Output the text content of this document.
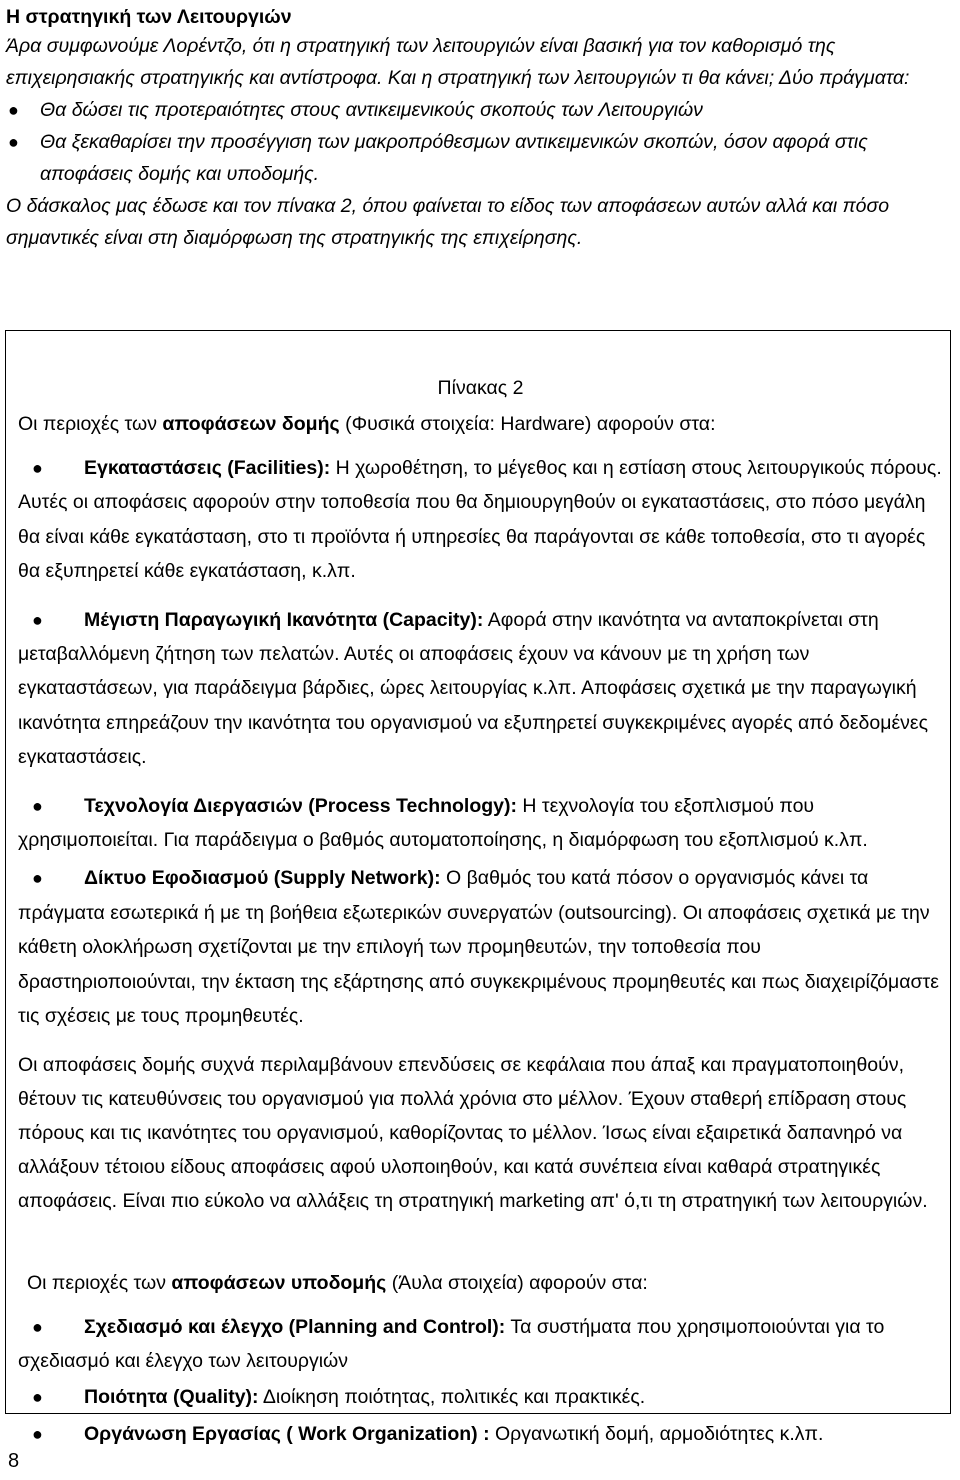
Η στρατηγική των Λειτουργιών

Άρα συμφωνούμε Λορέντζο, ότι η στρατηγική των λειτουργιών είναι βασική για τον καθορισμό της επιχειρησιακής στρατηγικής και αντίστροφα. Και η στρατηγική των λειτουργιών τι θα κάνει; Δύο πράγματα:

● Θα δώσει τις προτεραιότητες στους αντικειμενικούς σκοπούς των Λειτουργιών
● Θα ξεκαθαρίσει την προσέγγιση των μακροπρόθεσμων αντικειμενικών σκοπών, όσον αφορά στις αποφάσεις δομής και υποδομής.

Ο δάσκαλος μας έδωσε και τον πίνακα 2, όπου φαίνεται το είδος των αποφάσεων αυτών αλλά και πόσο σημαντικές είναι στη διαμόρφωση της στρατηγικής της επιχείρησης.

Πίνακας 2

Οι περιοχές των αποφάσεων δομής (Φυσικά στοιχεία: Hardware) αφορούν στα:

● Εγκαταστάσεις (Facilities): Η χωροθέτηση, το μέγεθος και η εστίαση στους λειτουργικούς πόρους. Αυτές οι αποφάσεις αφορούν στην τοποθεσία που θα δημιουργηθούν οι εγκαταστάσεις, στο πόσο μεγάλη θα είναι κάθε εγκατάσταση, στο τι προϊόντα ή υπηρεσίες θα παράγονται σε κάθε τοποθεσία, στο τι αγορές θα εξυπηρετεί κάθε εγκατάσταση, κ.λπ.
● Μέγιστη Παραγωγική Ικανότητα (Capacity): Αφορά στην ικανότητα να ανταποκρίνεται στη μεταβαλλόμενη ζήτηση των πελατών. Αυτές οι αποφάσεις έχουν να κάνουν με τη χρήση των εγκαταστάσεων, για παράδειγμα βάρδιες, ώρες λειτουργίας κ.λπ. Αποφάσεις σχετικά με την παραγωγική ικανότητα επηρεάζουν την ικανότητα του οργανισμού να εξυπηρετεί συγκεκριμένες αγορές από δεδομένες εγκαταστάσεις.
● Τεχνολογία Διεργασιών (Process Technology): Η τεχνολογία του εξοπλισμού που χρησιμοποιείται. Για παράδειγμα ο βαθμός αυτοματοποίησης, η διαμόρφωση του εξοπλισμού κ.λπ.
● Δίκτυο Εφοδιασμού (Supply Network): Ο βαθμός του κατά πόσον ο οργανισμός κάνει τα πράγματα εσωτερικά ή με τη βοήθεια εξωτερικών συνεργατών (outsourcing). Οι αποφάσεις σχετικά με την κάθετη ολοκλήρωση σχετίζονται με την επιλογή των προμηθευτών, την τοποθεσία που δραστηριοποιούνται, την έκταση της εξάρτησης από συγκεκριμένους προμηθευτές και πως διαχειρίζόμαστε τις σχέσεις με τους προμηθευτές.

Οι αποφάσεις δομής συχνά περιλαμβάνουν επενδύσεις σε κεφάλαια που άπαξ και πραγματοποιηθούν, θέτουν τις κατευθύνσεις του οργανισμού για πολλά χρόνια στο μέλλον. Έχουν σταθερή επίδραση στους πόρους και τις ικανότητες του οργανισμού, καθορίζοντας το μέλλον. Ίσως είναι εξαιρετικά δαπανηρό να αλλάξουν τέτοιου είδους αποφάσεις αφού υλοποιηθούν, και κατά συνέπεια είναι καθαρά στρατηγικές αποφάσεις. Είναι πιο εύκολο να αλλάξεις τη στρατηγική marketing απ' ό,τι τη στρατηγική των λειτουργιών.

Οι περιοχές των αποφάσεων υποδομής (Άυλα στοιχεία) αφορούν στα:

● Σχεδιασμό και έλεγχο (Planning and Control): Τα συστήματα που χρησιμοποιούνται για το σχεδιασμό και έλεγχο των λειτουργιών
● Ποιότητα (Quality): Διοίκηση ποιότητας, πολιτικές και πρακτικές.
● Οργάνωση Εργασίας ( Work Organization) : Οργανωτική δομή, αρμοδιότητες κ.λπ.
8
